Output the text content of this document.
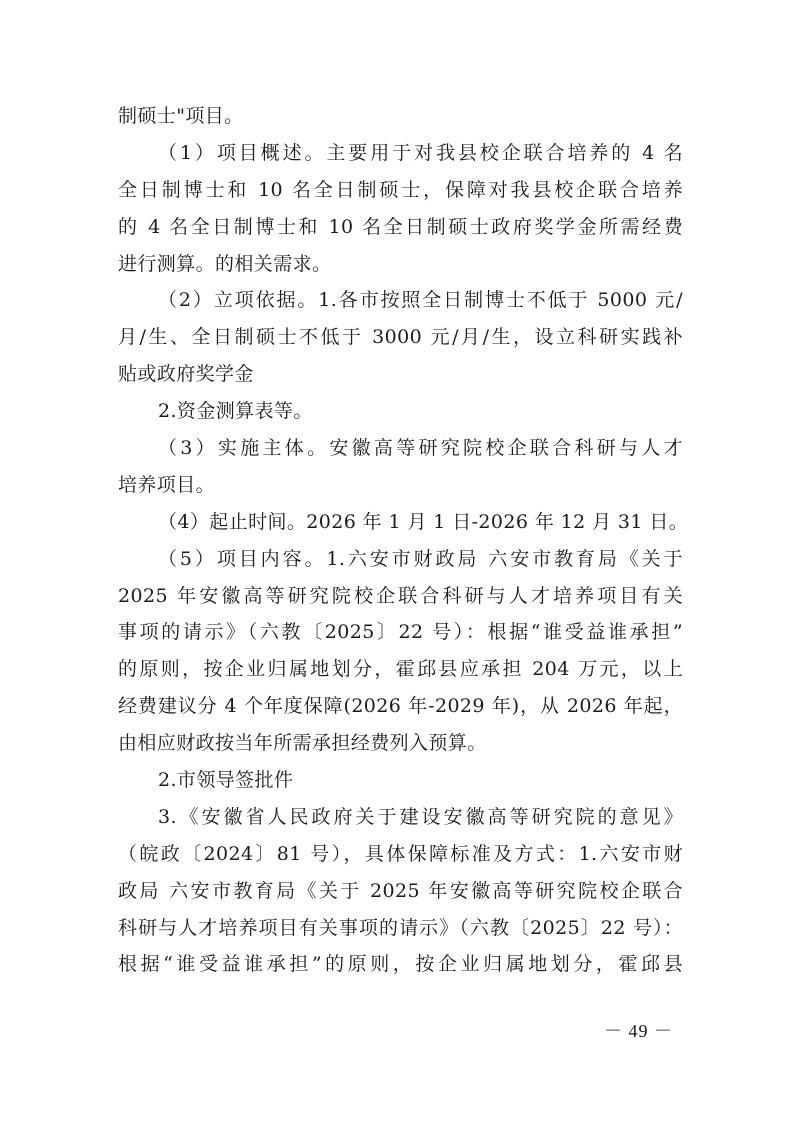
制硕士"项目。
（1）项目概述。主要用于对我县校企联合培养的 4 名
全日制博士和 10 名全日制硕士，保障对我县校企联合培养
的 4 名全日制博士和 10 名全日制硕士政府奖学金所需经费
进行测算。的相关需求。
（2）立项依据。1.各市按照全日制博士不低于 5000 元/
月/生、全日制硕士不低于 3000 元/月/生，设立科研实践补
贴或政府奖学金
2.资金测算表等。
（3）实施主体。安徽高等研究院校企联合科研与人才
培养项目。
（4）起止时间。2026 年 1 月 1 日-2026 年 12 月 31 日。
（5）项目内容。1.六安市财政局 六安市教育局《关于
2025 年安徽高等研究院校企联合科研与人才培养项目有关
事项的请示》（六教〔2025〕22 号）：根据“谁受益谁承担”
的原则，按企业归属地划分，霍邱县应承担 204 万元，以上
经费建议分 4 个年度保障(2026 年-2029 年)，从 2026 年起，
由相应财政按当年所需承担经费列入预算。
2.市领导签批件
3.《安徽省人民政府关于建设安徽高等研究院的意见》
（皖政〔2024〕81 号），具体保障标准及方式：1.六安市财
政局 六安市教育局《关于 2025 年安徽高等研究院校企联合
科研与人才培养项目有关事项的请示》（六教〔2025〕22 号）：
根据“谁受益谁承担”的原则，按企业归属地划分，霍邱县
－ 49 －
